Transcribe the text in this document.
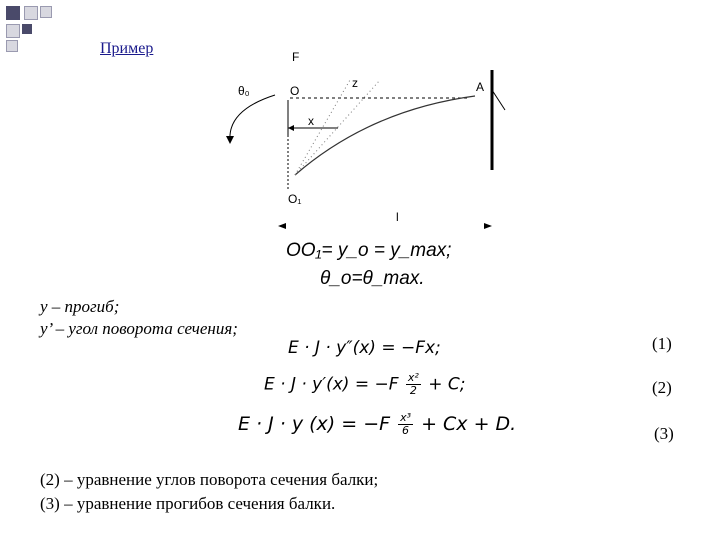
Пример	F
θ₀	O
z	A
x
O₁
l
OO₁= y_o = y_max;
θ_o=θ_max.
y – прогиб;
y’ – угол поворота сечения;
E · J · y″(x) = −Fx;
$E \cdot J \cdot y'(x) = -F \frac{\text{x²}}{2} + C$;
E · J · y $(x) = -F \frac{\text{x³}}{6} + Cx + D$.
(1)
(2)
(3)
(2) – уравнение углов поворота сечения балки;
(3) – уравнение прогибов сечения балки.
